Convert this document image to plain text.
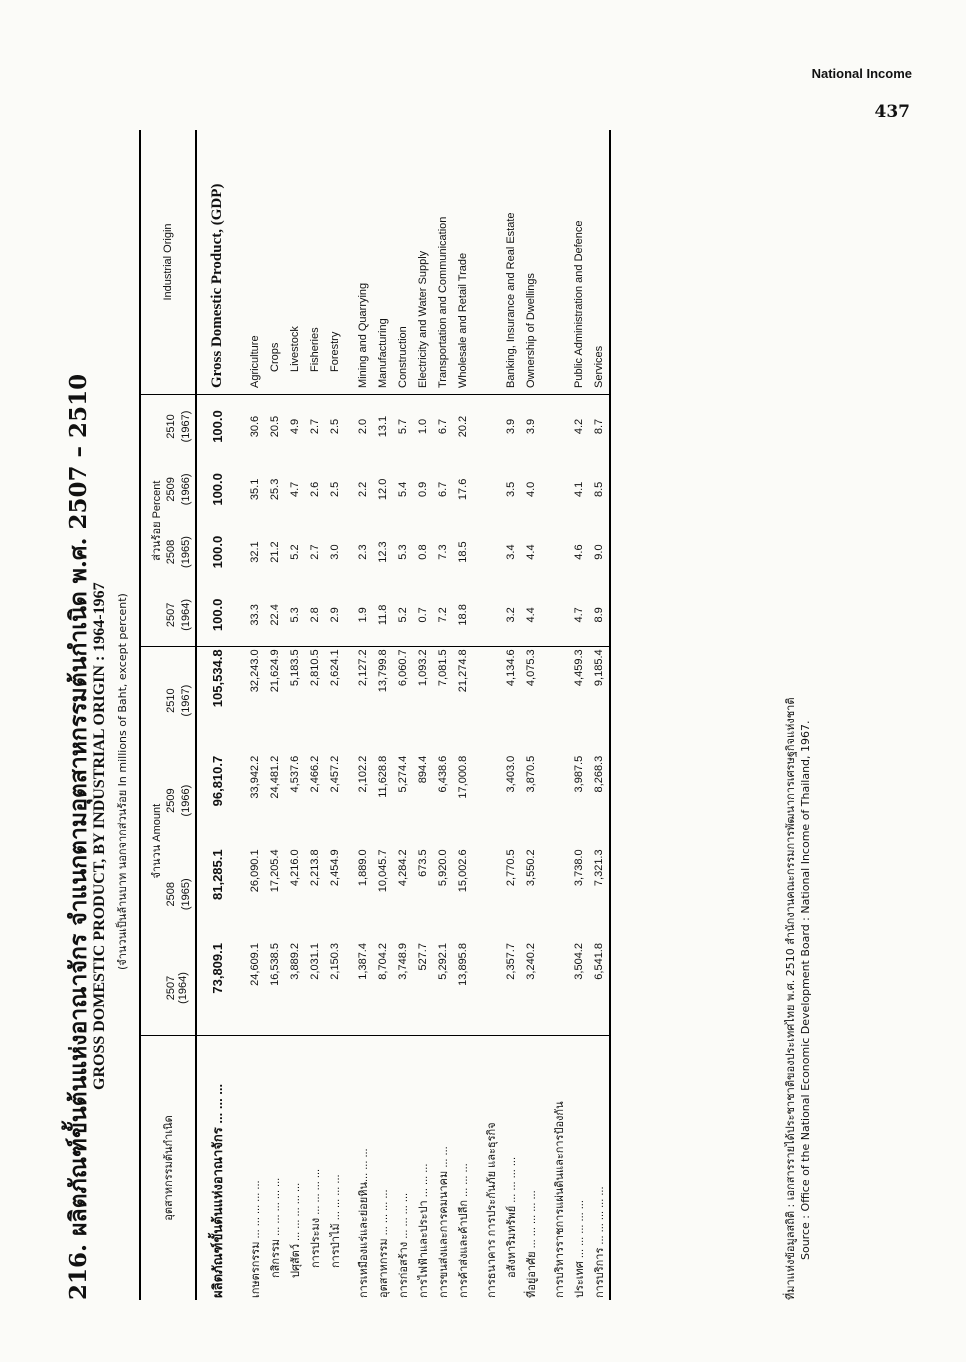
National Income
437
216. ผลิตภัณฑ์ขั้นต้นแห่งอาณาจักร จำแนกตามอุตสาหกรรมต้นกำเนิด พ.ศ. 2507 – 2510 GROSS DOMESTIC PRODUCT, BY INDUSTRIAL ORIGIN : 1964-1967 (จำนวนเป็นล้านบาท นอกจากส่วนร้อย In millions of Baht, except percent)
อุตสาหกรรมต้นกำเนิด	จำนวน Amount				ส่วนร้อย Percent				Industrial Origin
	2507	2508	2509	2510	2507	2508	2509	2510	
	(1964)	(1965)	(1966)	(1967)	(1964)	(1965)	(1966)	(1967)	
ผลิตภัณฑ์ขั้นต้นแห่งอาณาจักร ... ... ...	73,809.1	81,285.1	96,810.7	105,534.8	100.0	100.0	100.0	100.0	Gross Domestic Product, (GDP)

เกษตรกรรม ... ... ... ... ...	24,609.1	26,090.1	33,942.2	32,243.0	33.3	32.1	35.1	30.6	Agriculture
กสิกรรม ... ... ... ... ...	16,538.5	17,205.4	24,481.2	21,624.9	22.4	21.2	25.3	20.5	Crops
ปศุสัตว์ ... ... ... ... ...	3,889.2	4,216.0	4,537.6	5,183.5	5.3	5.2	4.7	4.9	Livestock
การประมง ... ... ... ...	2,031.1	2,213.8	2,466.2	2,810.5	2.8	2.7	2.6	2.7	Fisheries
การป่าไม้ ... ... ... ...	2,150.3	2,454.9	2,457.2	2,624.1	2.9	3.0	2.5	2.5	Forestry

การเหมืองแร่และย่อยหิน... ... ...	1,387.4	1,889.0	2,102.2	2,127.2	1.9	2.3	2.2	2.0	Mining and Quarrying
อุตสาหกรรม ... ... ... ...	8,704.2	10,045.7	11,628.8	13,799.8	11.8	12.3	12.0	13.1	Manufacturing
การก่อสร้าง ... ... ... ...	3,748.9	4,284.2	5,274.4	6,060.7	5.2	5.3	5.4	5.7	Construction
การไฟฟ้าและประปา ... ... ...	527.7	673.5	894.4	1,093.2	0.7	0.8	0.9	1.0	Electricity and Water Supply
การขนส่งและการคมนาคม ... ...	5,292.1	5,920.0	6,438.6	7,081.5	7.2	7.3	6.7	6.7	Transportation and Communication
การค้าส่งและค้าปลีก ... ... ...	13,895.8	15,002.6	17,000.8	21,274.8	18.8	18.5	17.6	20.2	Wholesale and Retail Trade

การธนาคาร การประกันภัย และธุรกิจ									
อสังหาริมทรัพย์ ... ... ... ...	2,357.7	2,770.5	3,403.0	4,134.6	3.2	3.4	3.5	3.9	Banking, Insurance and Real Estate
ที่อยู่อาศัย ... ... ... ... ...	3,240.2	3,550.2	3,870.5	4,075.3	4.4	4.4	4.0	3.9	Ownership of Dwellings

การบริหารราชการแผ่นดินและการป้องกัน									
ประเทศ ... ... ... ... ...	3,504.2	3,738.0	3,987.5	4,459.3	4.7	4.6	4.1	4.2	Public Administration and Defence
การบริการ ... ... ... ... ...	6,541.8	7,321.3	8,268.3	9,185.4	8.9	9.0	8.5	8.7	Services
ที่มาแห่งข้อมูลสถิติ : เอกสารรายได้ประชาชาติของประเทศไทย พ.ศ. 2510 สำนักงานคณะกรรมการพัฒนาการเศรษฐกิจแห่งชาติ Source : Office of the National Economic Development Board : National Income of Thailand, 1967.
